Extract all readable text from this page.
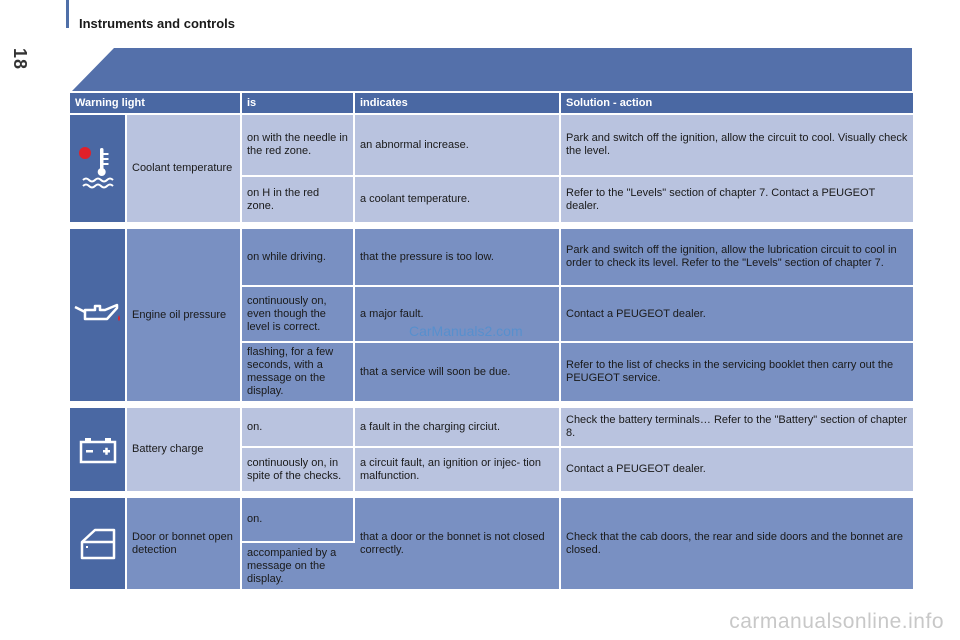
18
Instruments and controls
Warning light		is	indicates	Solution - action

	Coolant temperature	on with the needle in the red zone.	an abnormal increase.	Park and switch off the ignition, allow the circuit to cool. Visually check the level.
		on H in the red zone.	a coolant temperature.	Refer to the "Levels" section of chapter 7. Contact a PEUGEOT dealer.

	Engine oil pressure	on while driving.	that the pressure is too low.	Park and switch off the ignition, allow the lubrication circuit to cool in order to check its level. Refer to the "Levels" section of chapter 7.
		continuously on, even though the level is correct.	a major fault.	Contact a PEUGEOT dealer.
		flashing, for a few seconds, with a message on the display.	that a service will soon be due.	Refer to the list of checks in the servicing booklet then carry out the PEUGEOT service.

	Battery charge	on.	a fault in the charging circiut.	Check the battery terminals… Refer to the "Battery" section of chapter 8.
		continuously on, in spite of the checks.	a circuit fault, an ignition or injec- tion malfunction.	Contact a PEUGEOT dealer.

	Door or bonnet open detection	on.	that a door or the bonnet is not closed correctly.	Check that the cab doors, the rear and side doors and the bonnet are closed.
		accompanied by a message on the display.		
CarManuals2.com
carmanualsonline.info
